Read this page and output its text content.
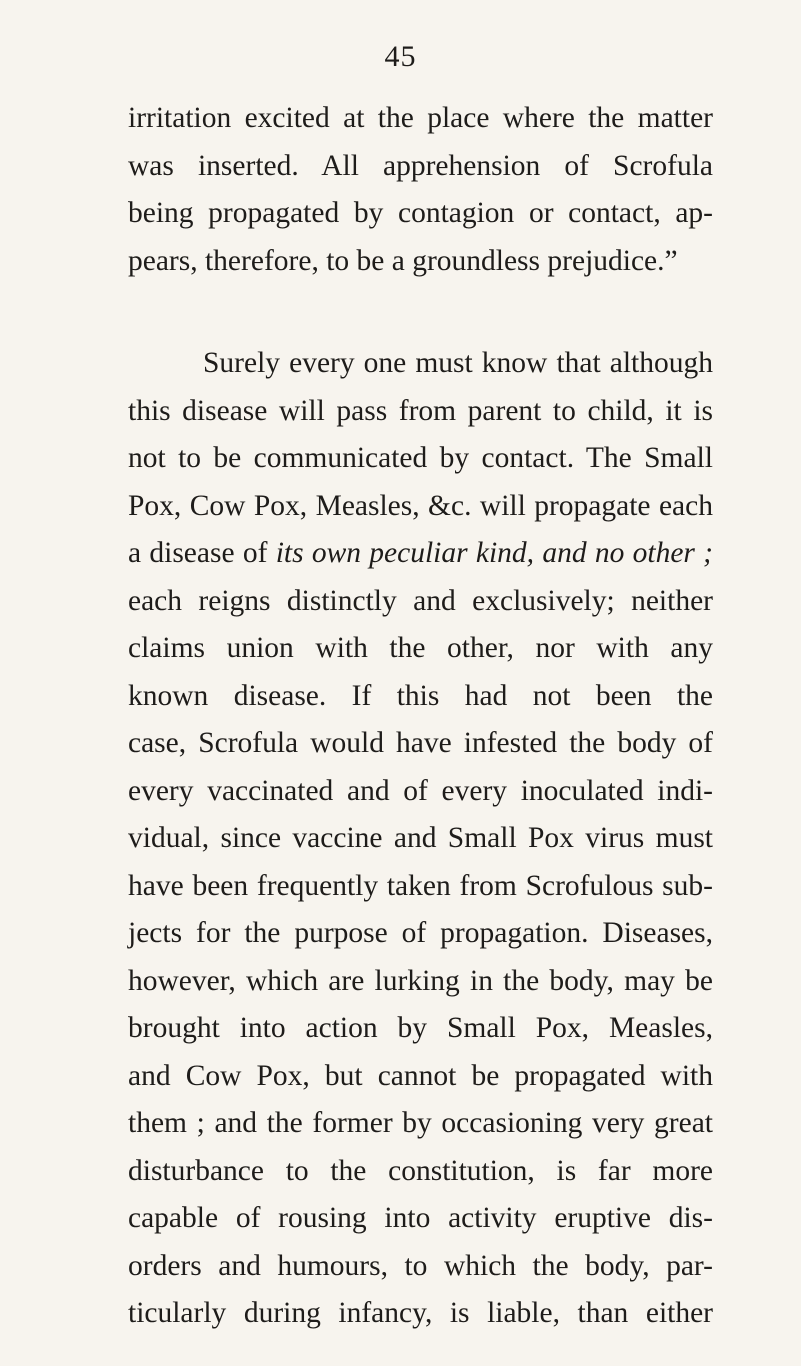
45
irritation excited at the place where the matter
was inserted. All apprehension of Scrofula
being propagated by contagion or contact, ap-
pears, therefore, to be a groundless prejudice.”
Surely every one must know that although
this disease will pass from parent to child, it is
not to be communicated by contact. The Small
Pox, Cow Pox, Measles, &c. will propagate each
a disease of its own peculiar kind, and no other ;
each reigns distinctly and exclusively; neither
claims union with the other, nor with any
known disease. If this had not been the
case, Scrofula would have infested the body of
every vaccinated and of every inoculated indi-
vidual, since vaccine and Small Pox virus must
have been frequently taken from Scrofulous sub-
jects for the purpose of propagation. Diseases,
however, which are lurking in the body, may be
brought into action by Small Pox, Measles,
and Cow Pox, but cannot be propagated with
them ; and the former by occasioning very great
disturbance to the constitution, is far more
capable of rousing into activity eruptive dis-
orders and humours, to which the body, par-
ticularly during infancy, is liable, than either
